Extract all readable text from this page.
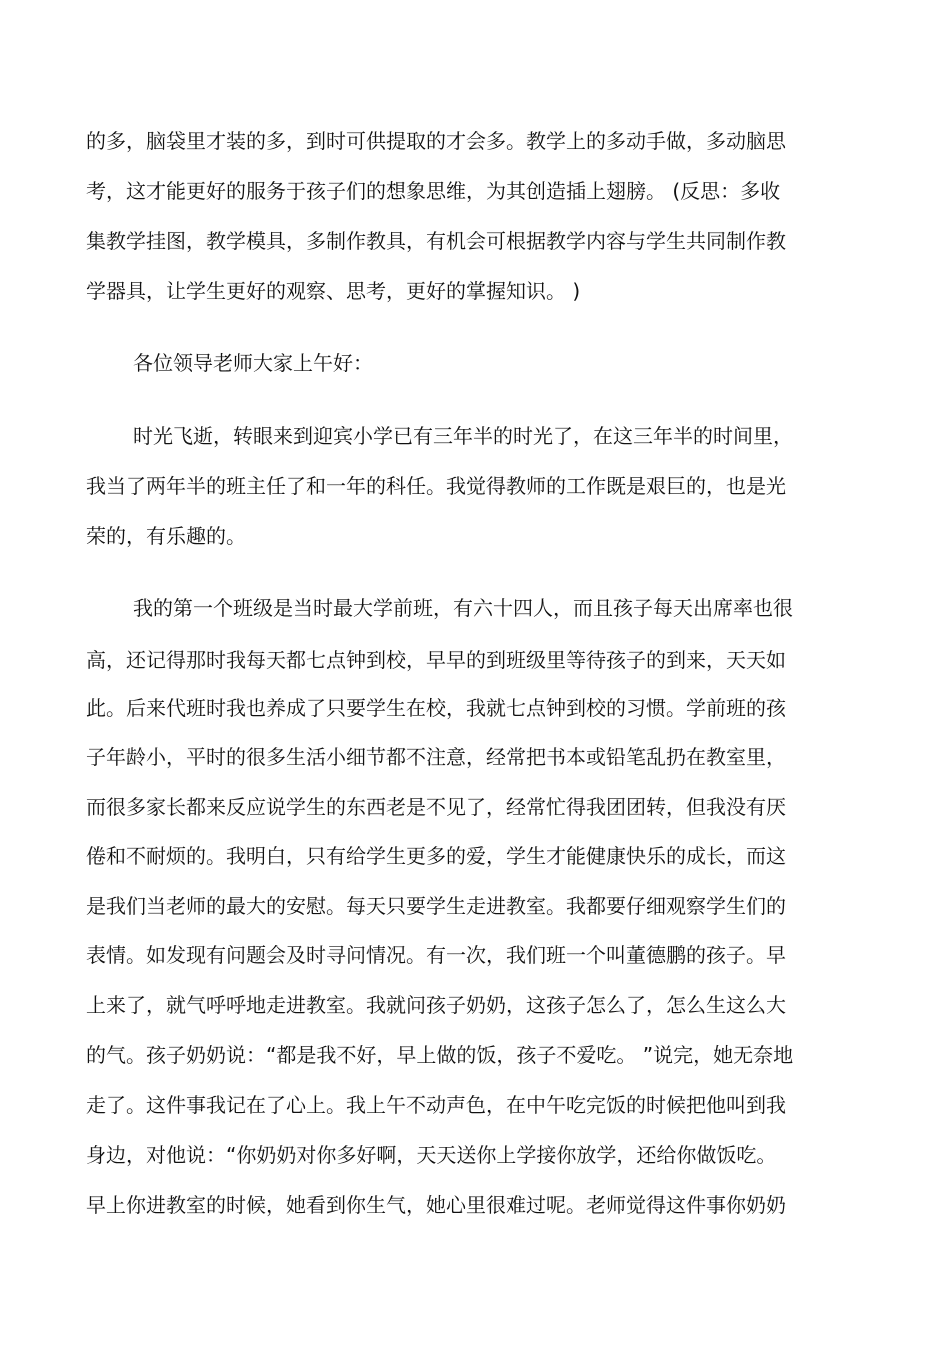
的多，脑袋里才装的多，到时可供提取的才会多。教学上的多动手做，多动脑思
考，这才能更好的服务于孩子们的想象思维，为其创造插上翅膀。 (反思：多收
集教学挂图，教学模具，多制作教具，有机会可根据教学内容与学生共同制作教
学器具，让学生更好的观察、思考，更好的掌握知识。 )
各位领导老师大家上午好：
时光飞逝，转眼来到迎宾小学已有三年半的时光了，在这三年半的时间里，
我当了两年半的班主任了和一年的科任。我觉得教师的工作既是艰巨的，也是光
荣的，有乐趣的。
我的第一个班级是当时最大学前班，有六十四人，而且孩子每天出席率也很
高，还记得那时我每天都七点钟到校，早早的到班级里等待孩子的到来，天天如
此。后来代班时我也养成了只要学生在校，我就七点钟到校的习惯。学前班的孩
子年龄小，平时的很多生活小细节都不注意，经常把书本或铅笔乱扔在教室里，
而很多家长都来反应说学生的东西老是不见了，经常忙得我团团转，但我没有厌
倦和不耐烦的。我明白，只有给学生更多的爱，学生才能健康快乐的成长，而这
是我们当老师的最大的安慰。每天只要学生走进教室。我都要仔细观察学生们的
表情。如发现有问题会及时寻问情况。有一次，我们班一个叫董德鹏的孩子。早
上来了，就气呼呼地走进教室。我就问孩子奶奶，这孩子怎么了，怎么生这么大
的气。孩子奶奶说：“都是我不好，早上做的饭，孩子不爱吃。 ”说完，她无奈地
走了。这件事我记在了心上。我上午不动声色，在中午吃完饭的时候把他叫到我
身边，对他说：“你奶奶对你多好啊，天天送你上学接你放学，还给你做饭吃。
早上你进教室的时候，她看到你生气，她心里很难过呢。老师觉得这件事你奶奶
